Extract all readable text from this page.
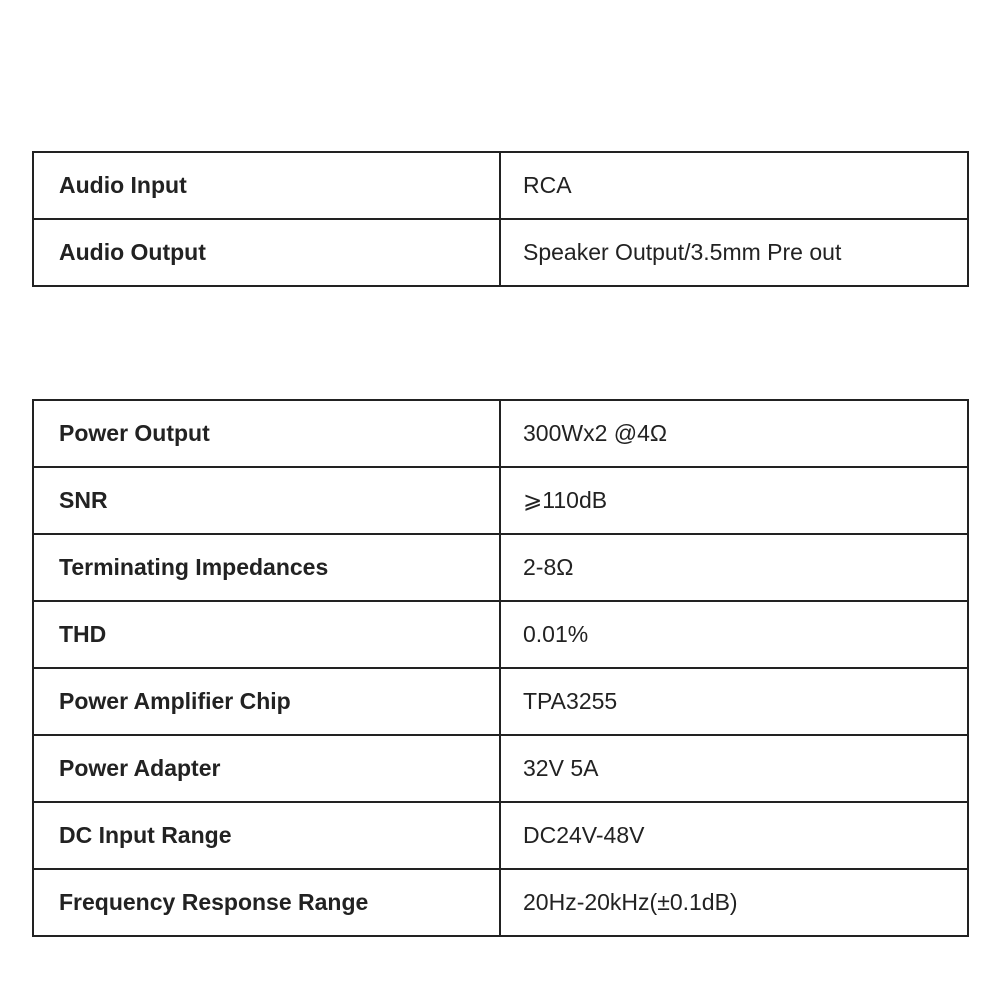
Audio Input	RCA
Audio Output	Speaker Output/3.5mm Pre out
Power Output	300Wx2 @4Ω
SNR	⩾110dB
Terminating Impedances	2-8Ω
THD	0.01%
Power Amplifier Chip	TPA3255
Power Adapter	32V 5A
DC Input Range	DC24V-48V
Frequency Response Range	20Hz-20kHz(±0.1dB)
